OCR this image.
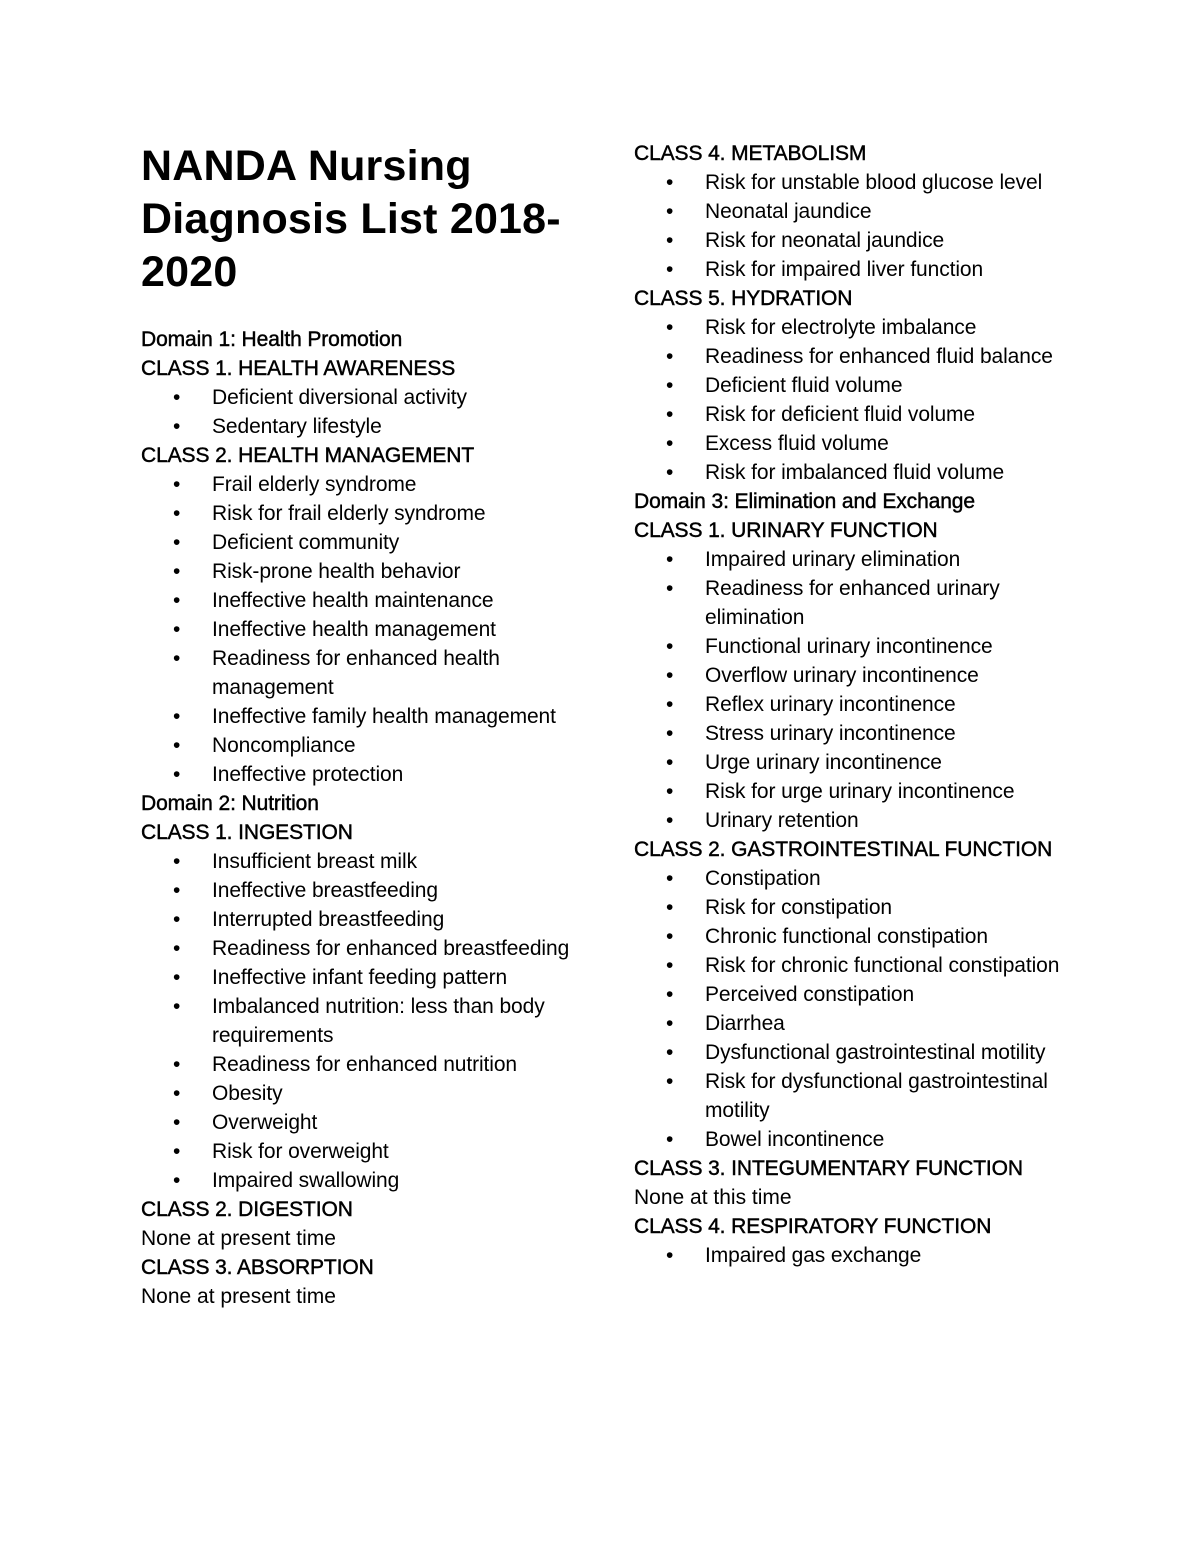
NANDA Nursing Diagnosis List 2018-2020

Domain 1: Health Promotion

CLASS 1. HEALTH AWARENESS

• Deficient diversional activity
• Sedentary lifestyle

CLASS 2. HEALTH MANAGEMENT

• Frail elderly syndrome
• Risk for frail elderly syndrome
• Deficient community
• Risk-prone health behavior
• Ineffective health maintenance
• Ineffective health management
• Readiness for enhanced health management
• Ineffective family health management
• Noncompliance
• Ineffective protection

Domain 2: Nutrition

CLASS 1. INGESTION

• Insufficient breast milk
• Ineffective breastfeeding
• Interrupted breastfeeding
• Readiness for enhanced breastfeeding
• Ineffective infant feeding pattern
• Imbalanced nutrition: less than body requirements
• Readiness for enhanced nutrition
• Obesity
• Overweight
• Risk for overweight
• Impaired swallowing

CLASS 2. DIGESTION

None at present time

CLASS 3. ABSORPTION

None at present time

CLASS 4. METABOLISM

• Risk for unstable blood glucose level
• Neonatal jaundice
• Risk for neonatal jaundice
• Risk for impaired liver function

CLASS 5. HYDRATION

• Risk for electrolyte imbalance
• Readiness for enhanced fluid balance
• Deficient fluid volume
• Risk for deficient fluid volume
• Excess fluid volume
• Risk for imbalanced fluid volume

Domain 3: Elimination and Exchange

CLASS 1. URINARY FUNCTION

• Impaired urinary elimination
• Readiness for enhanced urinary elimination
• Functional urinary incontinence
• Overflow urinary incontinence
• Reflex urinary incontinence
• Stress urinary incontinence
• Urge urinary incontinence
• Risk for urge urinary incontinence
• Urinary retention

CLASS 2. GASTROINTESTINAL FUNCTION

• Constipation
• Risk for constipation
• Chronic functional constipation
• Risk for chronic functional constipation
• Perceived constipation
• Diarrhea
• Dysfunctional gastrointestinal motility
• Risk for dysfunctional gastrointestinal motility
• Bowel incontinence

CLASS 3. INTEGUMENTARY FUNCTION

None at this time

CLASS 4. RESPIRATORY FUNCTION

• Impaired gas exchange
